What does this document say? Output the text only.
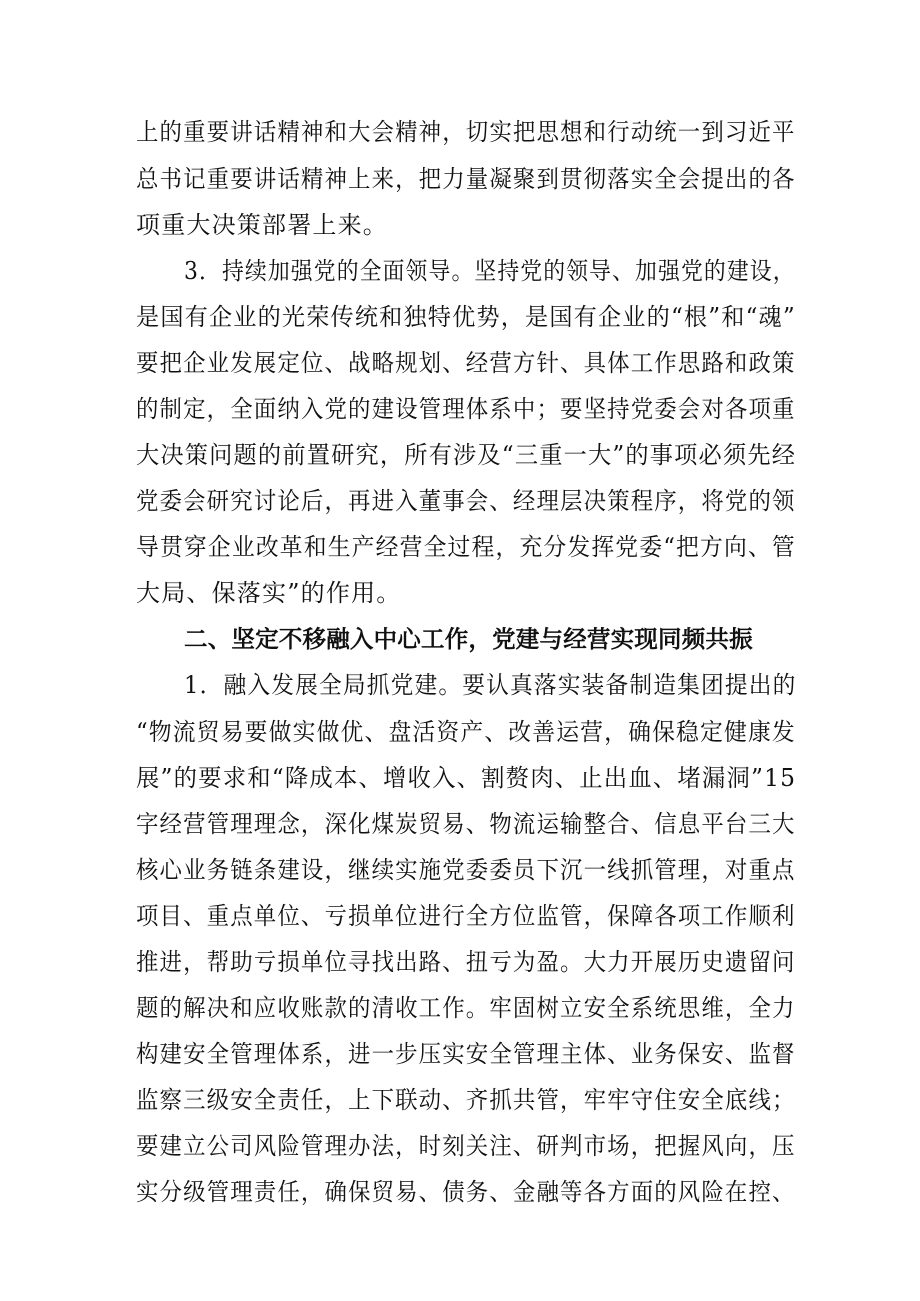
上的重要讲话精神和大会精神，切实把思想和行动统一到习近平
总书记重要讲话精神上来，把力量凝聚到贯彻落实全会提出的各
项重大决策部署上来。
3．持续加强党的全面领导。坚持党的领导、加强党的建设，
是国有企业的光荣传统和独特优势，是国有企业的“根”和“魂”
要把企业发展定位、战略规划、经营方针、具体工作思路和政策
的制定，全面纳入党的建设管理体系中；要坚持党委会对各项重
大决策问题的前置研究，所有涉及“三重一大”的事项必须先经
党委会研究讨论后，再进入董事会、经理层决策程序，将党的领
导贯穿企业改革和生产经营全过程，充分发挥党委“把方向、管
大局、保落实”的作用。
二、坚定不移融入中心工作，党建与经营实现同频共振
1．融入发展全局抓党建。要认真落实装备制造集团提出的
“物流贸易要做实做优、盘活资产、改善运营，确保稳定健康发
展”的要求和“降成本、增收入、割赘肉、止出血、堵漏洞”15
字经营管理理念，深化煤炭贸易、物流运输整合、信息平台三大
核心业务链条建设，继续实施党委委员下沉一线抓管理，对重点
项目、重点单位、亏损单位进行全方位监管，保障各项工作顺利
推进，帮助亏损单位寻找出路、扭亏为盈。大力开展历史遗留问
题的解决和应收账款的清收工作。牢固树立安全系统思维，全力
构建安全管理体系，进一步压实安全管理主体、业务保安、监督
监察三级安全责任，上下联动、齐抓共管，牢牢守住安全底线；
要建立公司风险管理办法，时刻关注、研判市场，把握风向，压
实分级管理责任，确保贸易、债务、金融等各方面的风险在控、
